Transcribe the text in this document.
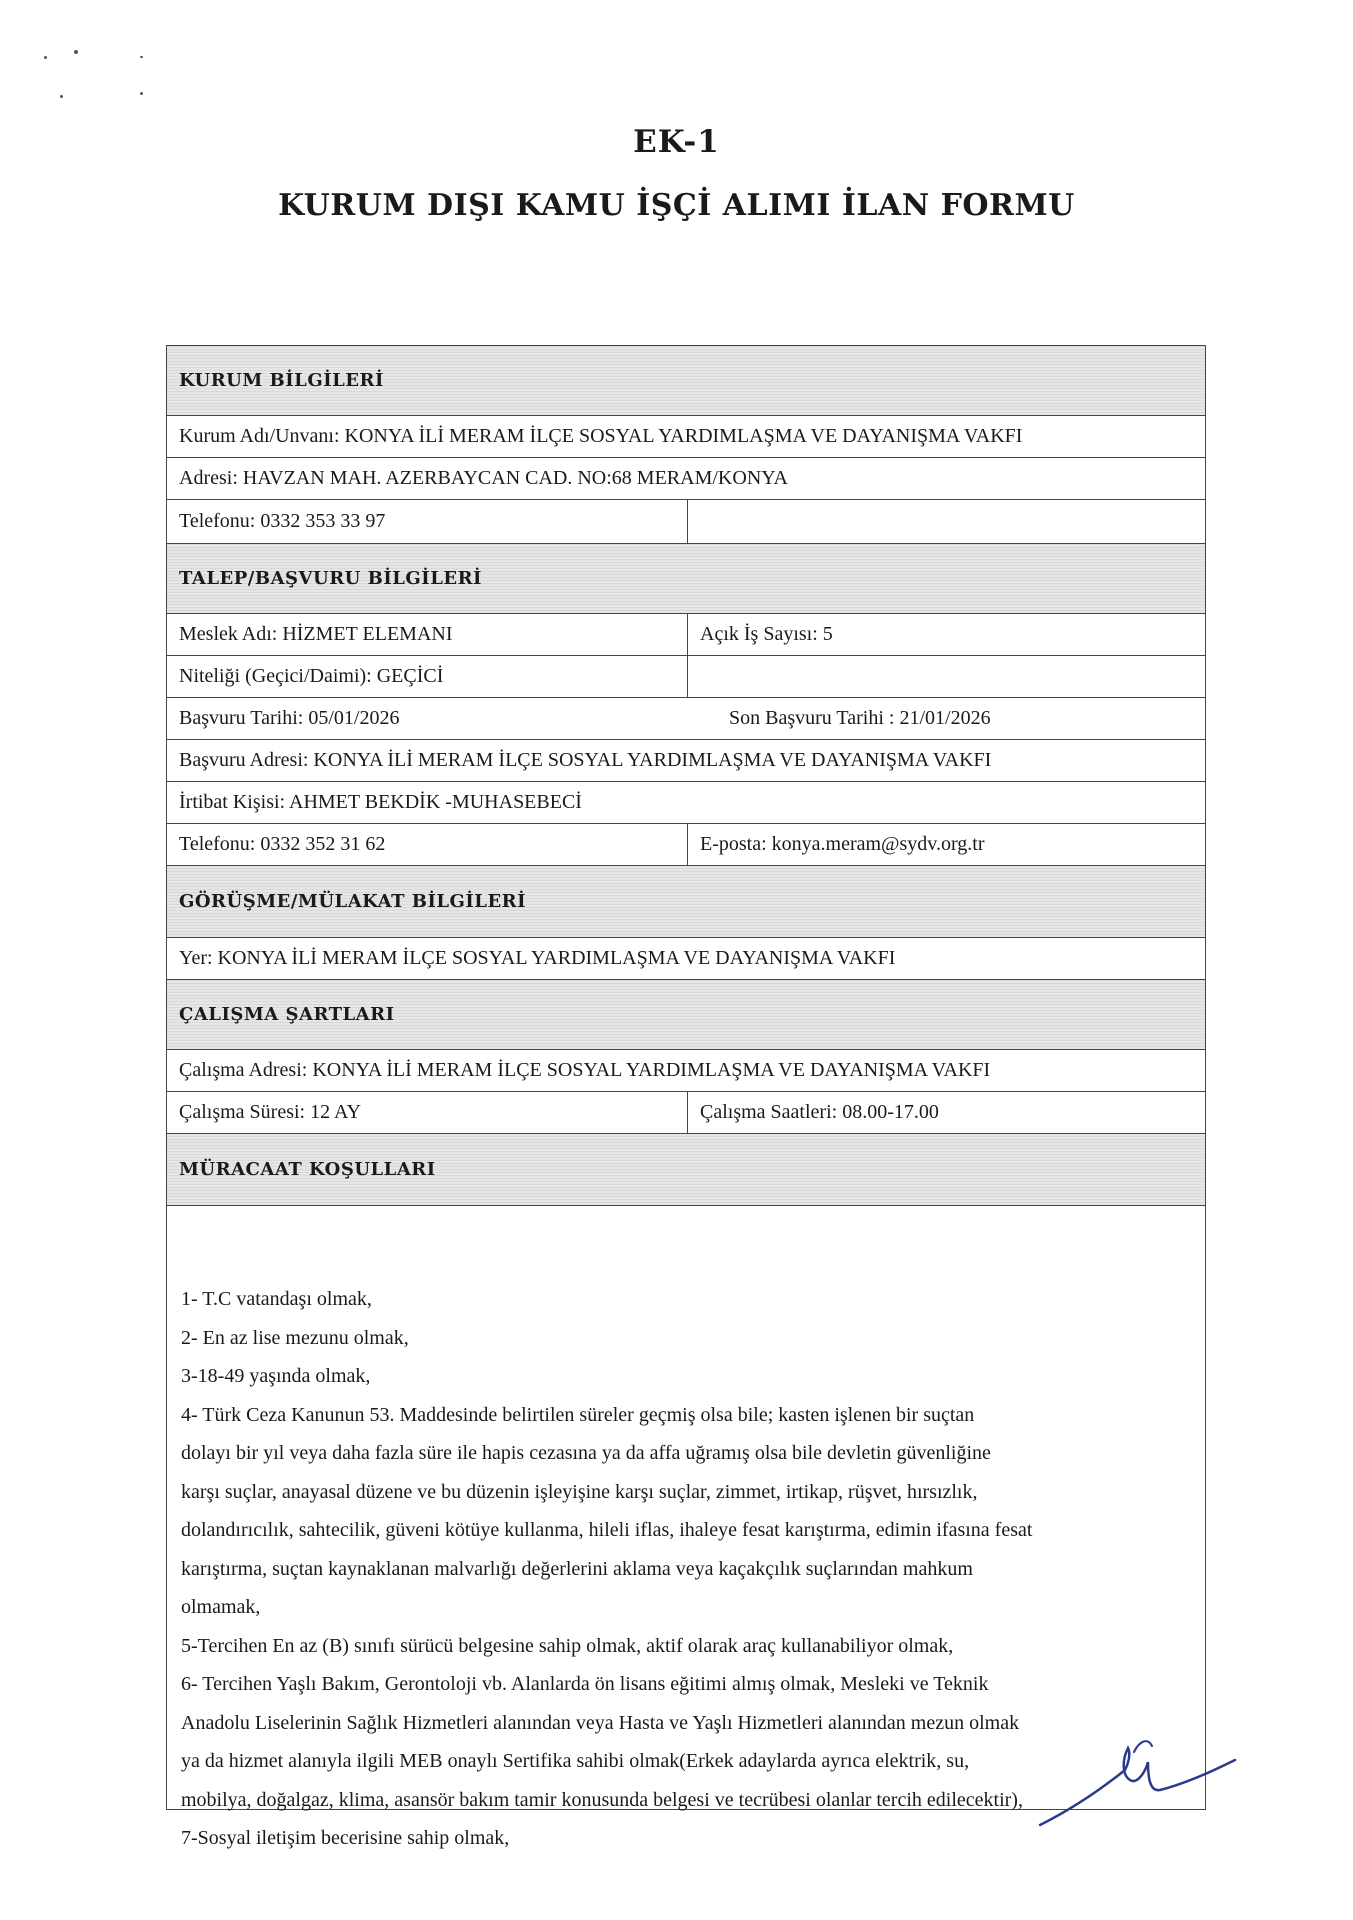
EK-1
KURUM DIŞI KAMU İŞÇİ ALIMI İLAN FORMU
KURUM BİLGİLERİ
Kurum Adı/Unvanı: KONYA İLİ MERAM İLÇE SOSYAL YARDIMLAŞMA VE DAYANIŞMA VAKFI
Adresi: HAVZAN MAH. AZERBAYCAN CAD. NO:68 MERAM/KONYA
Telefonu: 0332 353 33 97
TALEP/BAŞVURU BİLGİLERİ
Meslek Adı: HİZMET ELEMANI	Açık İş Sayısı: 5
Niteliği (Geçici/Daimi): GEÇİCİ
Başvuru Tarihi: 05/01/2026	Son Başvuru Tarihi : 21/01/2026
Başvuru Adresi: KONYA İLİ MERAM İLÇE SOSYAL YARDIMLAŞMA VE DAYANIŞMA VAKFI
İrtibat Kişisi: AHMET BEKDİK -MUHASEBECİ
Telefonu: 0332 352 31 62	E-posta: konya.meram@sydv.org.tr
GÖRÜŞME/MÜLAKAT BİLGİLERİ
Yer: KONYA İLİ MERAM İLÇE SOSYAL YARDIMLAŞMA VE DAYANIŞMA VAKFI
ÇALIŞMA ŞARTLARI
Çalışma Adresi: KONYA İLİ MERAM İLÇE SOSYAL YARDIMLAŞMA VE DAYANIŞMA VAKFI
Çalışma Süresi: 12 AY	Çalışma Saatleri: 08.00-17.00
MÜRACAAT KOŞULLARI
1- T.C vatandaşı olmak,
2- En az lise mezunu olmak,
3-18-49 yaşında olmak,
4- Türk Ceza Kanunun 53. Maddesinde belirtilen süreler geçmiş olsa bile; kasten işlenen bir suçtan
dolayı bir yıl veya daha fazla süre ile hapis cezasına ya da affa uğramış olsa bile devletin güvenliğine
karşı suçlar, anayasal düzene ve bu düzenin işleyişine karşı suçlar, zimmet, irtikap, rüşvet, hırsızlık,
dolandırıcılık, sahtecilik, güveni kötüye kullanma, hileli iflas, ihaleye fesat karıştırma, edimin ifasına fesat
karıştırma, suçtan kaynaklanan malvarlığı değerlerini aklama veya kaçakçılık suçlarından mahkum
olmamak,
5-Tercihen En az (B) sınıfı sürücü belgesine sahip olmak, aktif olarak araç kullanabiliyor olmak,
6- Tercihen Yaşlı Bakım, Gerontoloji vb. Alanlarda ön lisans eğitimi almış olmak, Mesleki ve Teknik
Anadolu Liselerinin Sağlık Hizmetleri alanından veya Hasta ve Yaşlı Hizmetleri alanından mezun olmak
ya da hizmet alanıyla ilgili MEB onaylı Sertifika sahibi olmak(Erkek adaylarda ayrıca elektrik, su,
mobilya, doğalgaz, klima, asansör bakım tamir konusunda belgesi ve tecrübesi olanlar tercih edilecektir),
7-Sosyal iletişim becerisine sahip olmak,
